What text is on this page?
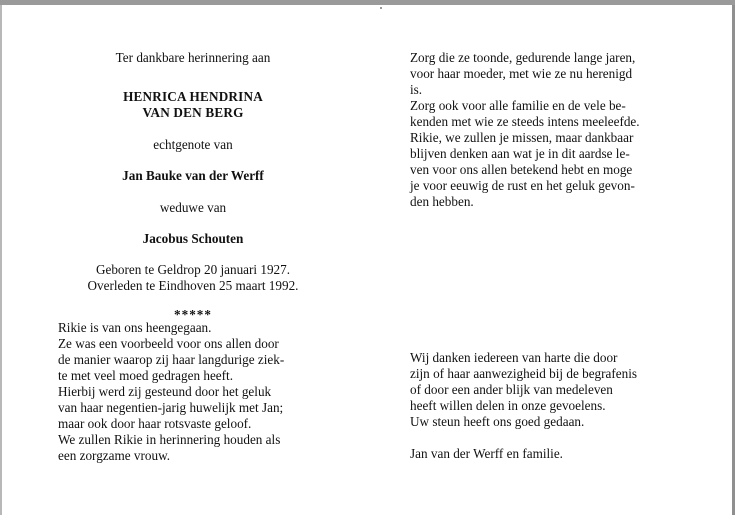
Ter dankbare herinnering aan

HENRICA HENDRINA
VAN DEN BERG

echtgenote van

Jan Bauke van der Werff

weduwe van

Jacobus Schouten

Geboren te Geldrop 20 januari 1927.
Overleden te Eindhoven 25 maart 1992.

*****

Rikie is van ons heengegaan.
Ze was een voorbeeld voor ons allen door
de manier waarop zij haar langdurige ziek-
te met veel moed gedragen heeft.
Hierbij werd zij gesteund door het geluk
van haar negentien-jarig huwelijk met Jan;
maar ook door haar rotsvaste geloof.
We zullen Rikie in herinnering houden als
een zorgzame vrouw.
Zorg die ze toonde, gedurende lange jaren,
voor haar moeder, met wie ze nu herenigd
is.
Zorg ook voor alle familie en de vele be-
kenden met wie ze steeds intens meeleefde.
Rikie, we zullen je missen, maar dankbaar
blijven denken aan wat je in dit aardse le-
ven voor ons allen betekend hebt en moge
je voor eeuwig de rust en het geluk gevon-
den hebben.
Wij danken iedereen van harte die door
zijn of haar aanwezigheid bij de begrafenis
of door een ander blijk van medeleven
heeft willen delen in onze gevoelens.
Uw steun heeft ons goed gedaan.
Jan van der Werff en familie.
